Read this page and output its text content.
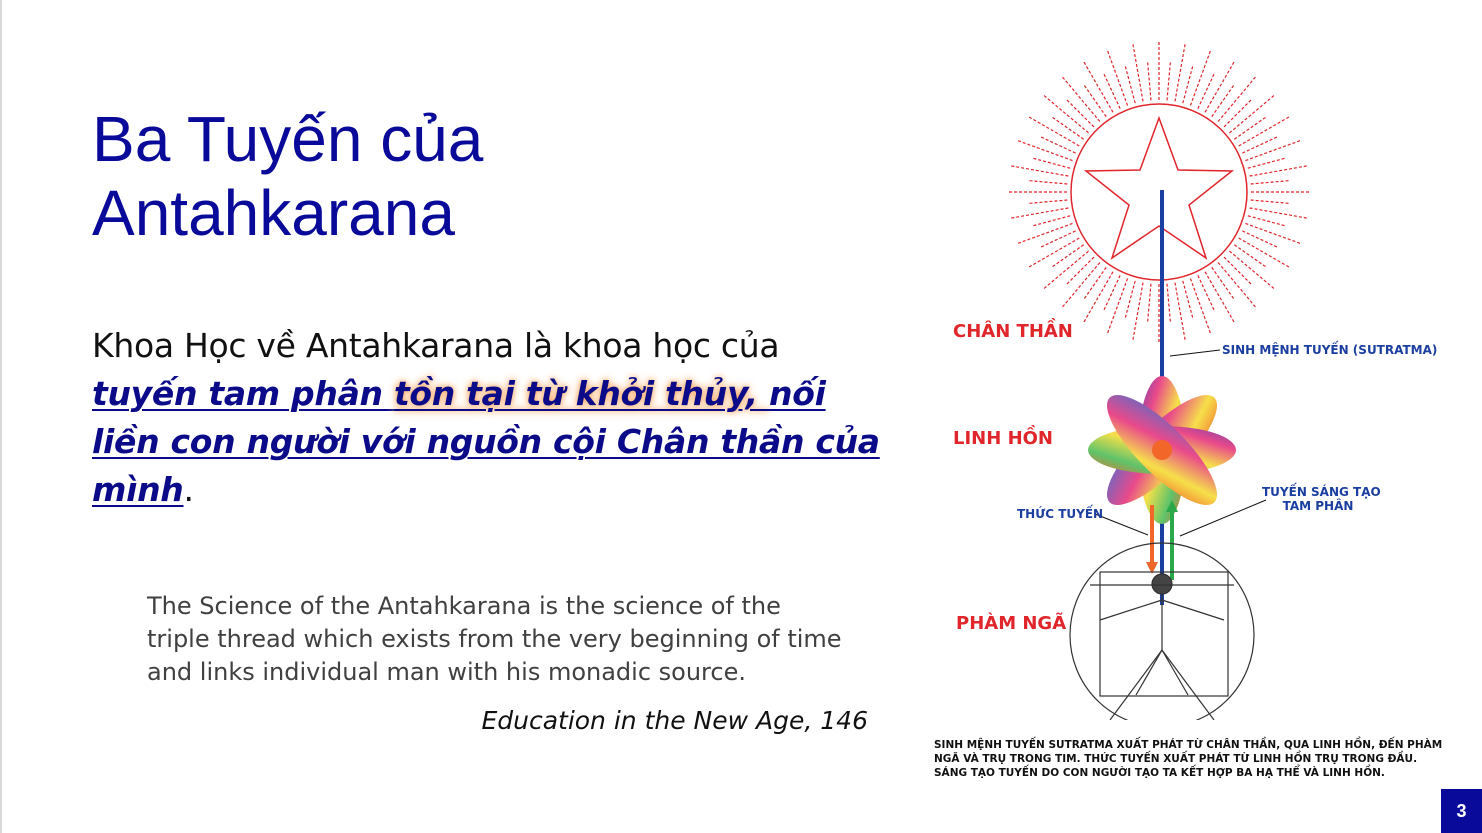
Ba Tuyến của
Antahkarana
Khoa Học về Antahkarana là khoa học của tuyến tam phân tồn tại từ khởi thủy, nối liền con người với nguồn cội Chân thần của mình.
The Science of the Antahkarana is the science of the
triple thread which exists from the very beginning of time
and links individual man with his monadic source.
Education in the New Age, 146
CHÂN THẦN
LINH HỒN
PHÀM NGÃ
SINH MỆNH TUYẾN (SUTRATMA)
THỨC TUYẾN
TUYẾN SÁNG TẠO
TAM PHÂN
SINH MỆNH TUYẾN SUTRATMA XUẤT PHÁT TỪ CHÂN THẦN, QUA LINH HỒN, ĐẾN PHÀM NGÃ VÀ TRỤ TRONG TIM. THỨC TUYẾN XUẤT PHÁT TỪ LINH HỒN TRỤ TRONG ĐẦU. SÁNG TẠO TUYẾN DO CON NGƯỜI TẠO TA KẾT HỢP BA HẠ THỂ VÀ LINH HỒN.
3
